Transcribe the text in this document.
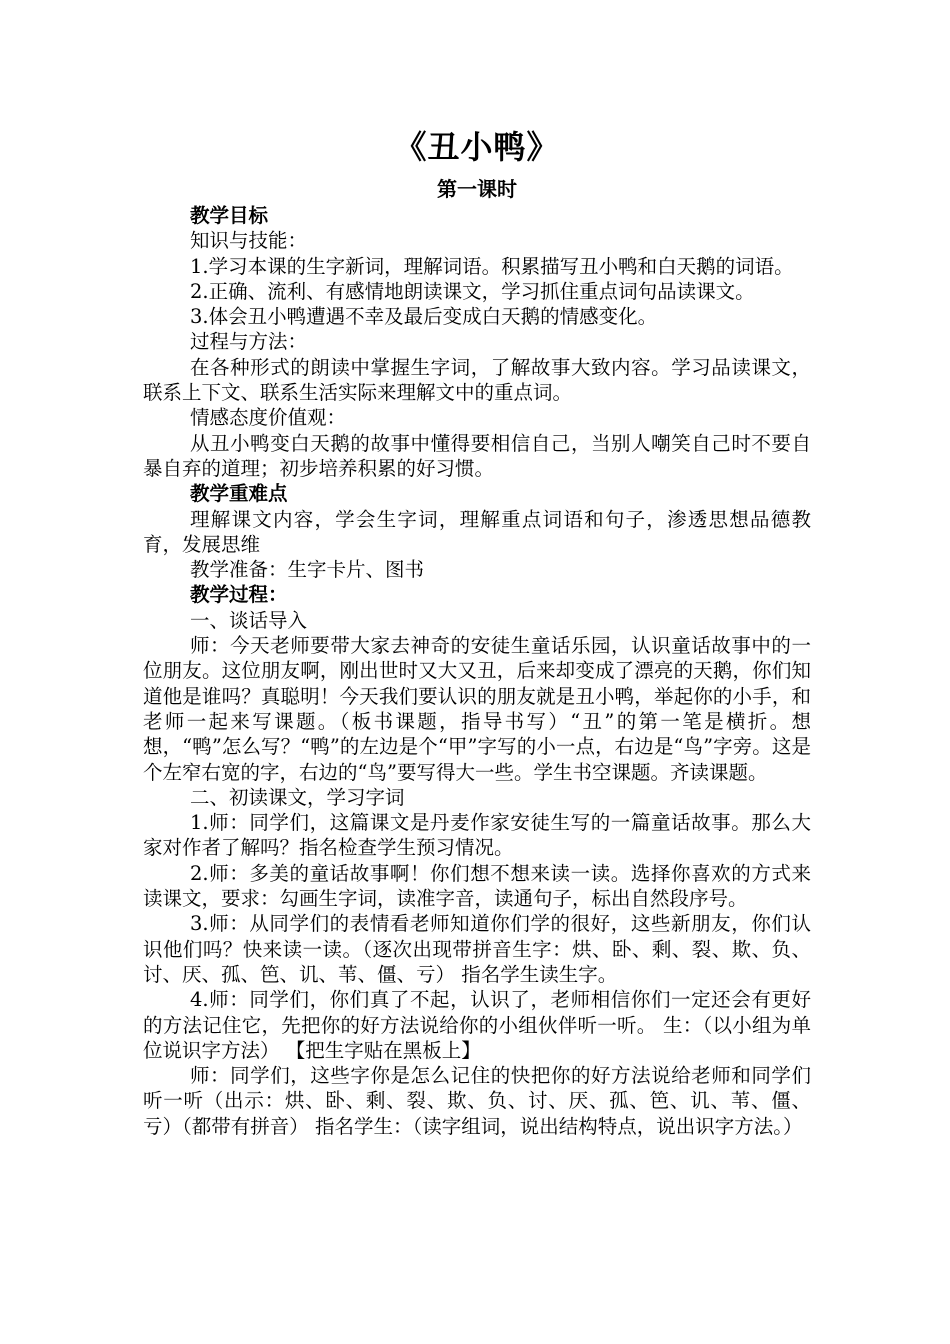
《丑小鸭》
第一课时

教学目标

知识与技能：

1.学习本课的生字新词，理解词语。积累描写丑小鸭和白天鹅的词语。

2.正确、流利、有感情地朗读课文，学习抓住重点词句品读课文。

3.体会丑小鸭遭遇不幸及最后变成白天鹅的情感变化。

过程与方法：

在各种形式的朗读中掌握生字词，了解故事大致内容。学习品读课文，联系上下文、联系生活实际来理解文中的重点词。

情感态度价值观：

从丑小鸭变白天鹅的故事中懂得要相信自己，当别人嘲笑自己时不要自暴自弃的道理；初步培养积累的好习惯。

教学重难点

理解课文内容，学会生字词，理解重点词语和句子，渗透思想品德教育，发展思维

教学准备：生字卡片、图书

教学过程：

一、谈话导入

师：今天老师要带大家去神奇的安徒生童话乐园，认识童话故事中的一位朋友。这位朋友啊，刚出世时又大又丑，后来却变成了漂亮的天鹅，你们知道他是谁吗？真聪明！今天我们要认识的朋友就是丑小鸭，举起你的小手，和老师一起来写课题。（板书课题，指导书写）“丑”的第一笔是横折。想想，“鸭”怎么写？“鸭”的左边是个“甲”字写的小一点，右边是“鸟”字旁。这是个左窄右宽的字，右边的“鸟”要写得大一些。学生书空课题。齐读课题。

二、初读课文，学习字词

1.师：同学们，这篇课文是丹麦作家安徒生写的一篇童话故事。那么大家对作者了解吗？指名检查学生预习情况。

2.师：多美的童话故事啊！你们想不想来读一读。选择你喜欢的方式来读课文，要求：勾画生字词，读准字音，读通句子，标出自然段序号。

3.师：从同学们的表情看老师知道你们学的很好，这些新朋友，你们认识他们吗？快来读一读。（逐次出现带拼音生字：烘、卧、剩、裂、欺、负、讨、厌、孤、笆、讥、苇、僵、亏） 指名学生读生字。

4.师：同学们，你们真了不起，认识了，老师相信你们一定还会有更好的方法记住它，先把你的好方法说给你的小组伙伴听一听。 生：（以小组为单位说识字方法） 【把生字贴在黑板上】

师：同学们，这些字你是怎么记住的快把你的好方法说给老师和同学们听一听（出示：烘、卧、剩、裂、欺、负、讨、厌、孤、笆、讥、苇、僵、亏）（都带有拼音） 指名学生：（读字组词，说出结构特点，说出识字方法。）
